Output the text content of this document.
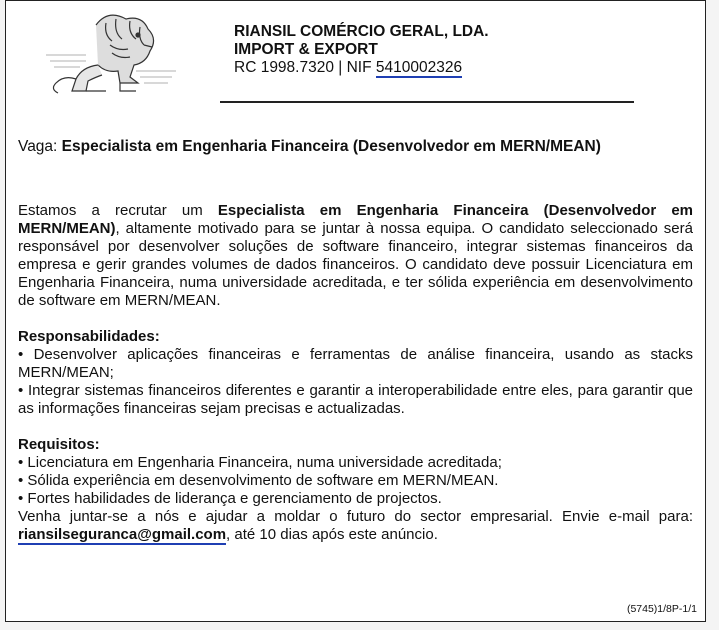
RIANSIL COMÉRCIO GERAL, LDA.
IMPORT & EXPORT
RC 1998.7320 | NIF 5410002326
Vaga: Especialista em Engenharia Financeira (Desenvolvedor em MERN/MEAN)

Estamos a recrutar um Especialista em Engenharia Financeira (Desenvolvedor em MERN/MEAN), altamente motivado para se juntar à nossa equipa. O candidato seleccionado será responsável por desenvolver soluções de software financeiro, integrar sistemas financeiros da empresa e gerir grandes volumes de dados financeiros. O candidato deve possuir Licenciatura em Engenharia Financeira, numa universidade acreditada, e ter sólida experiência em desenvolvimento de software em MERN/MEAN.

Responsabilidades:

• Desenvolver aplicações financeiras e ferramentas de análise financeira, usando as stacks MERN/MEAN;

• Integrar sistemas financeiros diferentes e garantir a interoperabilidade entre eles, para garantir que as informações financeiras sejam precisas e actualizadas.

Requisitos:

• Licenciatura em Engenharia Financeira, numa universidade acreditada;

• Sólida experiência em desenvolvimento de software em MERN/MEAN.

• Fortes habilidades de liderança e gerenciamento de projectos.

Venha juntar-se a nós e ajudar a moldar o futuro do sector empresarial. Envie e-mail para: riansilseguranca@gmail.com, até 10 dias após este anúncio.

(5745)1/8P-1/1
